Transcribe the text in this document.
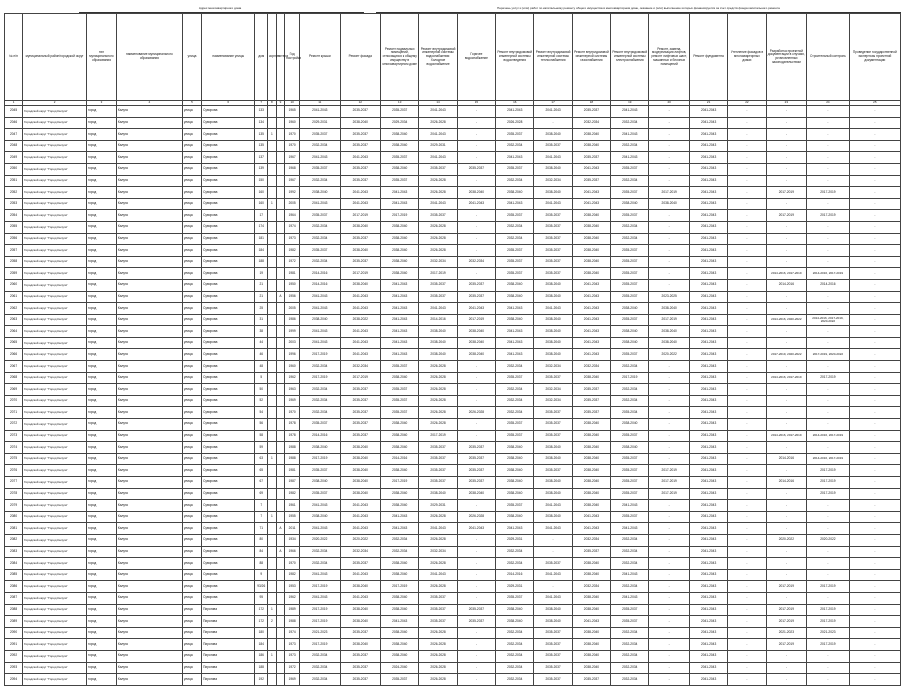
Адрес многоквартирного дома	Перечень услуг и (или) работ по капитальному ремонту общего имущества в многоквартирном доме, оказание и (или) выполнение которых финансируется за счет средств фонда капитального ремонта
№ п/п	муниципальный район/городской округ	тип муниципального образования	наименование муниципального образования	улица	наименование улицы	дом	корпус	литера	Год постройки	Ремонт крыши	Ремонт фасада	Ремонт подвальных помещений, относящихся к общему имуществу в многоквартирном доме	Ремонт внутридомовой инженерной системы водоснабжения: Холодное водоснабжение	Горячее водоснабжение	Ремонт внутридомовой инженерной системы водоотведения	Ремонт внутридомовой инженерной системы теплоснабжения	Ремонт внутридомовой инженерной системы газоснабжения	Ремонт внутридомовой инженерной системы электроснабжения	Ремонт, замена, модернизация лифтов, ремонт лифтовых шахт, машинных и блочных помещений	Ремонт фундамента	Утепление фасадов в многоквартирных домах	Разработка проектной документации в случаях, установленных законодательством	Строительный контроль	Проведение государственной экспертизы проектной документации
1	2	3	4	5	6	7	8	9	10	11	12	13	14	15	16	17	18	19	20	21	22	23	24	25
2045	Городской округ "Город Калуга"	город	Калуга	улица	Суворова	133			1965	2041-2043	2035-2037	2035-2037	2041-2043	-	2041-2043	2041-2043	2035-2037	2041-2043	-	2041-2043	-	-	-	-
2046	Городской округ "Город Калуга"	город	Калуга	улица	Суворова	134			1960	2029-2031	2038-2040	2029-2034	2026-2028	-	2026-2028	-	2032-2034	2032-2034	-	2041-2043	-	-	-	-
2047	Городской округ "Город Калуга"	город	Калуга	улица	Суворова	135	1		1970	2035-2037	2035-2037	2038-2040	2041-2043	-	2035-2037	2038-2040	2038-2040	2041-2043	-	2041-2043	-	-	-	-
2048	Городской округ "Город Калуга"	город	Калуга	улица	Суворова	135			1970	2032-2034	2035-2037	2038-2040	2029-2031	-	2032-2034	2035-2037	2038-2040	2032-2034	-	2041-2043	-	-	-	-
2049	Городской округ "Город Калуга"	город	Калуга	улица	Суворова	137			1967	2041-2043	2041-2043	2035-2037	2041-2043	-	2041-2043	2041-2043	2035-2037	2041-2043	-	2041-2043	-	-	-	-
2050	Городской округ "Город Калуга"	город	Калуга	улица	Суворова	139			1968	2035-2037	2035-2037	2038-2040	2035-2037	2035-2037	2035-2037	2038-2040	2041-2043	2035-2037	-	2041-2043	-	-	-	-
2051	Городской округ "Город Калуга"	город	Калуга	улица	Суворова	150			1967	2032-2034	2035-2037	2035-2037	2026-2028	-	2032-2034	2032-2034	2035-2037	2032-2034	-	2041-2043	-	-	-	-
2052	Городской округ "Город Калуга"	город	Калуга	улица	Суворова	160			1992	2038-2040	2041-2043	2041-2043	2026-2028	2038-2040	2038-2040	2038-2040	2041-2043	2035-2037	2017-2019	2041-2043	-	2017-2019	2017-2019	-
2053	Городской округ "Город Калуга"	город	Калуга	улица	Суворова	160	1		2005	2041-2043	2041-2043	2041-2043	2041-2043	2041-2043	2041-2043	2041-2043	2041-2043	2038-2040	2038-2040	2041-2043	-	-	-	-
2054	Городской округ "Город Калуга"	город	Калуга	улица	Суворова	17			1964	2035-2037	2017-2019	2017-2019	2035-2037	-	2035-2037	2035-2037	2038-2040	2035-2037	-	2041-2043	-	2017-2019	2017-2019	-
2055	Городской округ "Город Калуга"	город	Калуга	улица	Суворова	174			1974	2032-2034	2038-2040	2038-2040	2026-2028	-	2032-2034	2035-2037	2038-2040	2032-2034	-	2041-2043	-	-	-	-
2056	Городской округ "Город Калуга"	город	Калуга	улица	Суворова	181			1973	2032-2034	2035-2037	2038-2040	2026-2028	-	2032-2034	2035-2037	2038-2040	2032-2034	-	2041-2043	-	-	-	-
2057	Городской округ "Город Калуга"	город	Калуга	улица	Суворова	184			1982	2035-2037	2038-2040	2038-2040	2026-2028	-	2035-2037	2035-2037	2038-2040	2035-2037	-	2041-2043	-	-	-	-
2058	Городской округ "Город Калуга"	город	Калуга	улица	Суворова	188			1972	2032-2034	2035-2037	2038-2040	2032-2034	2032-2034	2035-2037	2035-2037	2038-2040	2035-2037	-	2041-2043	-	-	-	-
2059	Городской округ "Город Калуга"	город	Калуга	улица	Суворова	19			1981	2014-2016	2017-2019	2038-2040	2017-2019	-	2035-2037	2035-2037	2038-2040	2035-2037	-	2041-2043	-	2014-2016, 2017-2019	2014-2016, 2017-2019	-
2060	Городской округ "Город Калуга"	город	Калуга	улица	Суворова	21			1950	2014-2016	2038-2040	2041-2043	2035-2037	2035-2037	2038-2040	2038-2040	2041-2043	2035-2037	-	2041-2043	-	2014-2016	2014-2016	-
2061	Городской округ "Город Калуга"	город	Калуга	улица	Суворова	21		А	1956	2041-2043	2041-2043	2041-2043	2035-2037	2035-2037	2038-2040	2038-2040	2041-2043	2035-2037	2023-2025	2041-2043	-	-	-	-
2062	Городской округ "Город Калуга"	город	Калуга	улица	Суворова	25			2005	2041-2043	2041-2043	2041-2043	2041-2043	2041-2043	2041-2043	2041-2043	2041-2043	2038-2040	2038-2040	2041-2043	-	-	-	-
2063	Городской округ "Город Калуга"	город	Калуга	улица	Суворова	31			1986	2038-2040	2038-2022	2041-2043	2014-2016	2017-2019	2038-2040	2038-2040	2041-2043	2035-2037	2017-2019	2041-2043	-	2014-2016, 2020-2022	2014-2016, 2017-2019, 2020-2022	-
2064	Городской округ "Город Калуга"	город	Калуга	улица	Суворова	38			1999	2041-2043	2041-2043	2041-2043	2038-2040	2038-2040	2041-2043	2038-2040	2041-2043	2038-2040	2038-2040	2041-2043	-	-	-	-
2065	Городской округ "Город Калуга"	город	Калуга	улица	Суворова	44			2003	2041-2043	2041-2043	2041-2043	2038-2040	2038-2040	2041-2043	2038-2040	2041-2043	2038-2040	2038-2040	2041-2043	-	-	-	-
2066	Городской округ "Город Калуга"	город	Калуга	улица	Суворова	46			1996	2017-2019	2041-2043	2041-2043	2038-2040	2038-2040	2041-2043	2038-2040	2041-2043	2035-2037	2020-2022	2041-2043	-	2017-2019, 2020-2022	2017-2019, 2020-2022	-
2067	Городской округ "Город Калуга"	город	Калуга	улица	Суворова	48			1960	2032-2034	2032-2034	2035-2037	2026-2028	-	2032-2034	2032-2034	2032-2034	2032-2034	-	2041-2043	-	-	-	-
2068	Городской округ "Город Калуга"	город	Калуга	улица	Суворова	5			1962	2017-2019	2017-2019	2038-2040	2026-2028	-	2035-2037	2035-2037	2038-2040	2017-2019	-	2041-2043	-	2014-2016, 2017-2019	2017-2019	-
2069	Городской округ "Город Калуга"	город	Калуга	улица	Суворова	50			1963	2032-2034	2035-2037	2035-2037	2026-2028	-	2032-2034	2032-2034	2035-2037	2032-2034	-	2041-2043	-	-	-	-
2070	Городской округ "Город Калуга"	город	Калуга	улица	Суворова	52			1969	2032-2034	2035-2037	2035-2037	2026-2028	-	2032-2034	2032-2034	2035-2037	2032-2034	-	2041-2043	-	-	-	-
2071	Городской округ "Город Калуга"	город	Калуга	улица	Суворова	54			1970	2032-2034	2035-2037	2035-2037	2026-2028	2026-2028	2032-2034	2035-2037	2035-2037	2035-2034	-	2041-2043	-	-	-	-
2072	Городской округ "Город Калуга"	город	Калуга	улица	Суворова	56			1978	2035-2037	2035-2037	2038-2040	2026-2028	-	2035-2037	2035-2037	2038-2040	2038-2040	-	2041-2043	-	-	-	-
2073	Городской округ "Город Калуга"	город	Калуга	улица	Суворова	58			1978	2014-2016	2035-2037	2038-2040	2017-2019	-	2035-2037	2035-2037	2038-2040	2035-2037	-	2041-2043	-	2014-2016, 2017-2019	2014-2016, 2017-2019	-
2074	Городской округ "Город Калуга"	город	Калуга	улица	Суворова	59			1988	2038-2040	2038-2040	2038-2040	2035-2037	2035-2037	2038-2040	2038-2040	2038-2040	2038-2040	-	2041-2043	-	-	-	-
2075	Городской округ "Город Калуга"	город	Калуга	улица	Суворова	63	1		1988	2017-2019	2038-2040	2014-2016	2035-2037	2035-2037	2038-2040	2038-2040	2038-2040	2035-2037	-	2041-2043	-	2014-2016	2014-2016, 2017-2019	-
2076	Городской округ "Город Калуга"	город	Калуга	улица	Суворова	65			1981	2035-2037	2038-2040	2038-2040	2035-2037	2035-2037	2038-2040	2035-2037	2038-2040	2035-2037	2017-2019	2041-2043	-	-	2017-2019	-
2077	Городской округ "Город Калуга"	город	Калуга	улица	Суворова	67			1987	2038-2040	2038-2040	2017-2019	2035-2037	2035-2037	2038-2040	2038-2040	2038-2040	2035-2037	2017-2019	2041-2043	-	2014-2016	2017-2019	-
2078	Городской округ "Город Калуга"	город	Калуга	улица	Суворова	69			1982	2035-2037	2038-2040	2038-2040	2038-2040	2038-2040	2038-2040	2038-2040	2038-2040	2035-2037	2017-2019	2041-2043	-	-	2017-2019	-
2079	Городской округ "Город Калуга"	город	Калуга	улица	Суворова	7			1961	2041-2043	2041-2043	2038-2040	2029-2031	-	2035-2037	2041-2043	2038-2040	2041-2043	-	2041-2043	-	-	-	-
2080	Городской округ "Город Калуга"	город	Калуга	улица	Суворова	7	1		1955	2038-2040	2041-2043	2041-2043	2026-2028	2026-2028	2038-2040	2038-2040	2041-2043	2035-2037	-	2041-2043	-	-	-	-
2081	Городской округ "Город Калуга"	город	Калуга	улица	Суворова	71		А	2011	2041-2043	2041-2043	2041-2043	2041-2043	2041-2043	2041-2043	2041-2043	2041-2043	2041-2043	-	2041-2043	-	-	-	-
2082	Городской округ "Город Калуга"	город	Калуга	улица	Суворова	80			1934	2020-2022	2020-2022	2032-2034	2026-2028	-	2029-2031	-	2032-2034	2032-2034	-	2041-2043	-	2020-2022	2020-2022	-
2083	Городской округ "Город Калуга"	город	Калуга	улица	Суворова	84		А	1966	2032-2034	2032-2034	2032-2034	2032-2034	-	2032-2034	-	2035-2037	2032-2034	-	2041-2043	-	-	-	-
2084	Городской округ "Город Калуга"	город	Калуга	улица	Суворова	88			1970	2032-2034	2035-2037	2038-2040	2026-2028	-	2032-2034	2035-2037	2038-2040	2032-2034	-	2041-2043	-	-	-	-
2085	Городской округ "Город Калуга"	город	Калуга	улица	Суворова	9			1982	2041-2043	2041-2043	2038-2040	2041-2043	-	2014-2016	2041-2043	2038-2040	2041-2043	-	2041-2043	-	-	-	-
2086	Городской округ "Город Калуга"	город	Калуга	улица	Суворова	93/26			1953	2017-2019	2038-2040	2017-2019	2026-2028	-	2029-2031	-	2032-2034	2032-2034	-	2041-2043	-	2017-2019	2017-2019	-
2087	Городской округ "Город Калуга"	город	Калуга	улица	Суворова	95			1962	2041-2043	2041-2043	2038-2040	2035-2037	-	2035-2037	2041-2043	2038-2040	2041-2043	-	2041-2043	-	-	-	-
2088	Городской округ "Город Калуга"	город	Калуга	улица	Пирогова	172	1		1989	2017-2019	2038-2040	2038-2040	2035-2037	2035-2037	2038-2040	2038-2040	2038-2040	2035-2037	-	2041-2043	-	2017-2019	2017-2019	-
2089	Городской округ "Город Калуга"	город	Калуга	улица	Пирогова	172	2		1988	2017-2019	2038-2040	2041-2043	2035-2037	2035-2037	2038-2040	2038-2040	2041-2043	2035-2037	-	2041-2043	-	2017-2019	2017-2019	-
2090	Городской округ "Город Калуга"	город	Калуга	улица	Пирогова	180			1974	2021-2023	2035-2037	2038-2040	2026-2028	-	2032-2034	2035-2037	2038-2040	2032-2034	-	2041-2043	-	2021-2023	2021-2023	-
2091	Городской округ "Город Калуга"	город	Калуга	улица	Пирогова	184			1973	2017-2019	2038-2040	2038-2040	2026-2028	-	2032-2034	2035-2037	2038-2040	2032-2034	-	2041-2043	-	2017-2019	2017-2019	-
2092	Городской округ "Город Калуга"	город	Калуга	улица	Пирогова	186	1		1973	2032-2034	2035-2037	2038-2040	2026-2028	-	2032-2034	2035-2037	2038-2040	2032-2034	-	2041-2043	-	-	-	-
2093	Городской округ "Город Калуга"	город	Калуга	улица	Пирогова	188			1972	2032-2034	2035-2037	2024-2040	2026-2028	-	2032-2034	2035-2037	2038-2040	2032-2034	-	2041-2043	-	-	-	-
2094	Городской округ "Город Калуга"	город	Калуга	улица	Пирогова	192			1969	2032-2034	2035-2037	2035-2037	2026-2028	-	2032-2034	2035-2037	2035-2037	2032-2034	-	2041-2043	-	-	-	-
